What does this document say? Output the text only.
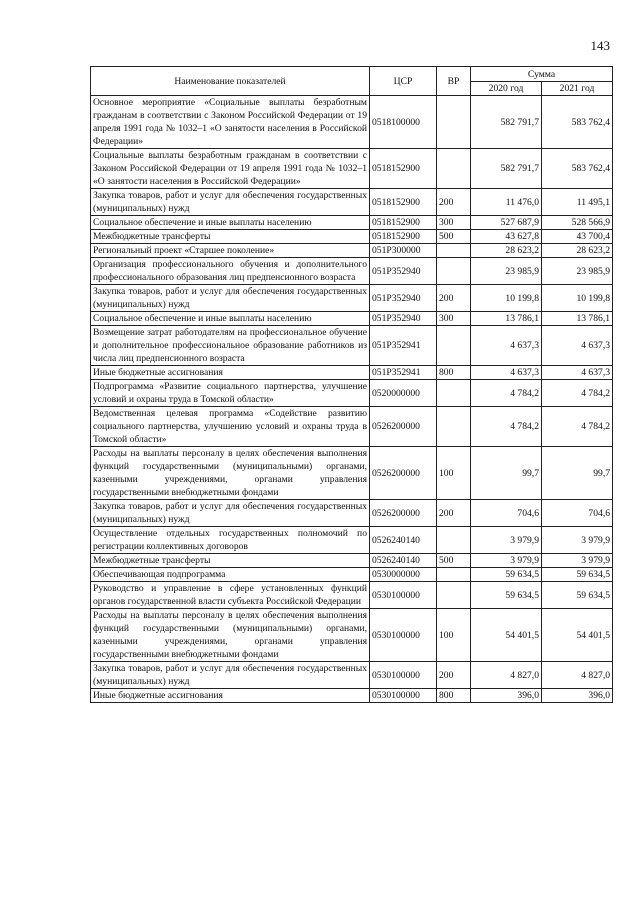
143
Наименование показателей	ЦСР	ВР	Сумма	
			2020 год	2021 год
Основное мероприятие «Социальные выплаты безработным гражданам в соответствии с Законом Российской Федерации от 19 апреля 1991 года № 1032–1 «О занятости населения в Российской Федерации»	0518100000		582 791,7	583 762,4
Социальные выплаты безработным гражданам в соответствии с Законом Российской Федерации от 19 апреля 1991 года № 1032–1 «О занятости населения в Российской Федерации»	0518152900		582 791,7	583 762,4
Закупка товаров, работ и услуг для обеспечения государственных (муниципальных) нужд	0518152900	200	11 476,0	11 495,1
Социальное обеспечение и иные выплаты населению	0518152900	300	527 687,9	528 566,9
Межбюджетные трансферты	0518152900	500	43 627,8	43 700,4
Региональный проект «Старшее поколение»	051P300000		28 623,2	28 623,2
Организация профессионального обучения и дополнительного профессионального образования лиц предпенсионного возраста	051P352940		23 985,9	23 985,9
Закупка товаров, работ и услуг для обеспечения государственных (муниципальных) нужд	051P352940	200	10 199,8	10 199,8
Социальное обеспечение и иные выплаты населению	051P352940	300	13 786,1	13 786,1
Возмещение затрат работодателям на профессиональное обучение и дополнительное профессиональное образование работников из числа лиц предпенсионного возраста	051P352941		4 637,3	4 637,3
Иные бюджетные ассигнования	051P352941	800	4 637,3	4 637,3
Подпрограмма «Развитие социального партнерства, улучшение условий и охраны труда в Томской области»	0520000000		4 784,2	4 784,2
Ведомственная целевая программа «Содействие развитию социального партнерства, улучшению условий и охраны труда в Томской области»	0526200000		4 784,2	4 784,2
Расходы на выплаты персоналу в целях обеспечения выполнения функций государственными (муниципальными) органами, казенными учреждениями, органами управления государственными внебюджетными фондами	0526200000	100	99,7	99,7
Закупка товаров, работ и услуг для обеспечения государственных (муниципальных) нужд	0526200000	200	704,6	704,6
Осуществление отдельных государственных полномочий по регистрации коллективных договоров	0526240140		3 979,9	3 979,9
Межбюджетные трансферты	0526240140	500	3 979,9	3 979,9
Обеспечивающая подпрограмма	0530000000		59 634,5	59 634,5
Руководство и управление в сфере установленных функций органов государственной власти субъекта Российской Федерации	0530100000		59 634,5	59 634,5
Расходы на выплаты персоналу в целях обеспечения выполнения функций государственными (муниципальными) органами, казенными учреждениями, органами управления государственными внебюджетными фондами	0530100000	100	54 401,5	54 401,5
Закупка товаров, работ и услуг для обеспечения государственных (муниципальных) нужд	0530100000	200	4 827,0	4 827,0
Иные бюджетные ассигнования	0530100000	800	396,0	396,0
